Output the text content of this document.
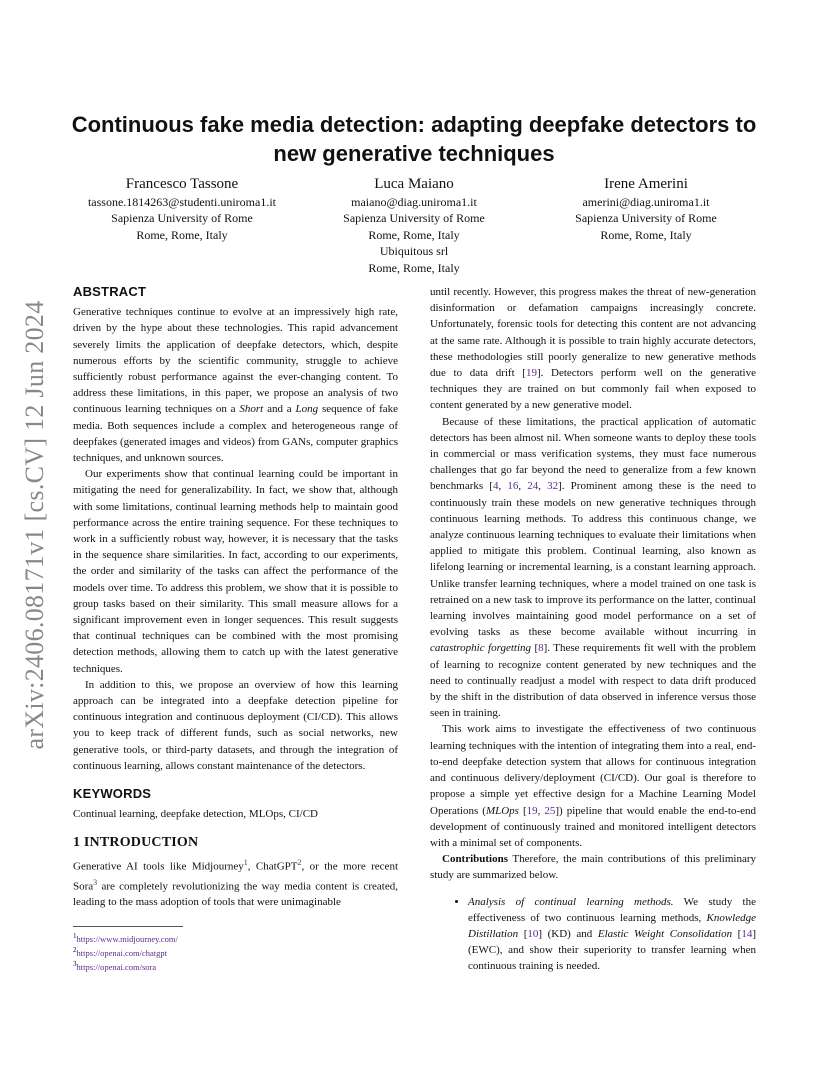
arXiv:2406.08171v1 [cs.CV] 12 Jun 2024
Continuous fake media detection: adapting deepfake detectors to new generative techniques
Francesco Tassone
tassone.1814263@studenti.uniroma1.it
Sapienza University of Rome
Rome, Rome, Italy
Luca Maiano
maiano@diag.uniroma1.it
Sapienza University of Rome
Rome, Rome, Italy
Ubiquitous srl
Rome, Rome, Italy
Irene Amerini
amerini@diag.uniroma1.it
Sapienza University of Rome
Rome, Rome, Italy
ABSTRACT

Generative techniques continue to evolve at an impressively high rate, driven by the hype about these technologies. This rapid advancement severely limits the application of deepfake detectors, which, despite numerous efforts by the scientific community, struggle to achieve sufficiently robust performance against the ever-changing content. To address these limitations, in this paper, we propose an analysis of two continuous learning techniques on a Short and a Long sequence of fake media. Both sequences include a complex and heterogeneous range of deepfakes (generated images and videos) from GANs, computer graphics techniques, and unknown sources.

Our experiments show that continual learning could be important in mitigating the need for generalizability. In fact, we show that, although with some limitations, continual learning methods help to maintain good performance across the entire training sequence. For these techniques to work in a sufficiently robust way, however, it is necessary that the tasks in the sequence share similarities. In fact, according to our experiments, the order and similarity of the tasks can affect the performance of the models over time. To address this problem, we show that it is possible to group tasks based on their similarity. This small measure allows for a significant improvement even in longer sequences. This result suggests that continual techniques can be combined with the most promising detection methods, allowing them to catch up with the latest generative techniques.

In addition to this, we propose an overview of how this learning approach can be integrated into a deepfake detection pipeline for continuous integration and continuous deployment (CI/CD). This allows you to keep track of different funds, such as social networks, new generative tools, or third-party datasets, and through the integration of continuous learning, allows constant maintenance of the detectors.

KEYWORDS

Continual learning, deepfake detection, MLOps, CI/CD

1 INTRODUCTION

Generative AI tools like Midjourney$^1$, ChatGPT$^2$, or the more recent Sora$^3$ are completely revolutionizing the way media content is created, leading to the mass adoption of tools that were unimaginable

$^1$https://www.midjourney.com/
$^2$https://openai.com/chatgpt
$^3$https://openai.com/sora

until recently. However, this progress makes the threat of new-generation disinformation or defamation campaigns increasingly concrete. Unfortunately, forensic tools for detecting this content are not advancing at the same rate. Although it is possible to train highly accurate detectors, these methodologies still poorly generalize to new generative methods due to data drift [19]. Detectors perform well on the generative techniques they are trained on but commonly fail when exposed to content generated by a new generative model.

Because of these limitations, the practical application of automatic detectors has been almost nil. When someone wants to deploy these tools in commercial or mass verification systems, they must face numerous challenges that go far beyond the need to generalize from a few known benchmarks [4, 16, 24, 32]. Prominent among these is the need to continuously train these models on new generative techniques through continuous learning methods. To address this continuous change, we analyze continuous learning techniques to evaluate their limitations when applied to mitigate this problem. Continual learning, also known as lifelong learning or incremental learning, is a constant learning approach. Unlike transfer learning techniques, where a model trained on one task is retrained on a new task to improve its performance on the latter, continual learning involves maintaining good model performance on a set of evolving tasks as these become available without incurring in catastrophic forgetting [8]. These requirements fit well with the problem of learning to recognize content generated by new techniques and the need to continually readjust a model with respect to data drift produced by the shift in the distribution of data observed in inference versus those seen in training.

This work aims to investigate the effectiveness of two continuous learning techniques with the intention of integrating them into a real, end-to-end deepfake detection system that allows for continuous integration and continuous delivery/deployment (CI/CD). Our goal is therefore to propose a simple yet effective design for a Machine Learning Model Operations (MLOps [19, 25]) pipeline that would enable the end-to-end development of continuously trained and monitored intelligent detectors with a minimal set of components.

Contributions Therefore, the main contributions of this preliminary study are summarized below.

• Analysis of continual learning methods. We study the effectiveness of two continuous learning methods, Knowledge Distillation [10] (KD) and Elastic Weight Consolidation [14] (EWC), and show their superiority to transfer learning when continuous training is needed.
